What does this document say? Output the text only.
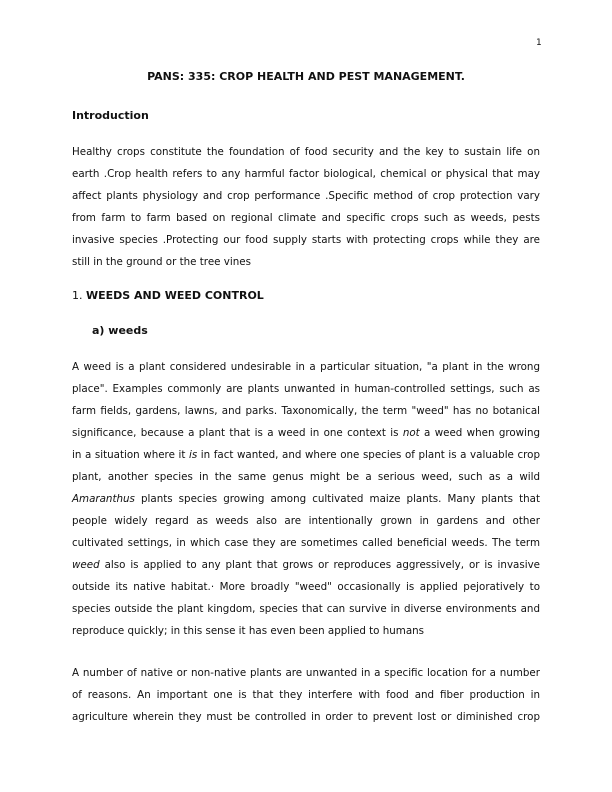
1
PANS: 335: CROP HEALTH AND PEST MANAGEMENT.
Introduction
Healthy crops constitute the foundation of food security and the key to sustain life on
earth .Crop health refers to any harmful factor biological, chemical or physical that may
affect plants physiology and crop performance .Specific method of crop protection vary
from farm to farm based on regional climate and specific crops such as weeds, pests
invasive species .Protecting our food supply starts with protecting crops while they are
still in the ground or the tree vines
1. WEEDS AND WEED CONTROL
a) weeds
A weed is a plant considered undesirable in a particular situation, "a plant in the wrong
place". Examples commonly are plants unwanted in human-controlled settings, such as
farm fields, gardens, lawns, and parks. Taxonomically, the term "weed" has no botanical
significance, because a plant that is a weed in one context is not a weed when growing
in a situation where it is in fact wanted, and where one species of plant is a valuable crop
plant, another species in the same genus might be a serious weed, such as a wild
Amaranthus plants species growing among cultivated maize plants. Many plants that
people widely regard as weeds also are intentionally grown in gardens and other
cultivated settings, in which case they are sometimes called beneficial weeds. The term
weed also is applied to any plant that grows or reproduces aggressively, or is invasive
outside its native habitat.· More broadly "weed" occasionally is applied pejoratively to
species outside the plant kingdom, species that can survive in diverse environments and
reproduce quickly; in this sense it has even been applied to humans
A number of native or non-native plants are unwanted in a specific location for a number
of reasons. An important one is that they interfere with food and fiber production in
agriculture wherein they must be controlled in order to prevent lost or diminished crop
